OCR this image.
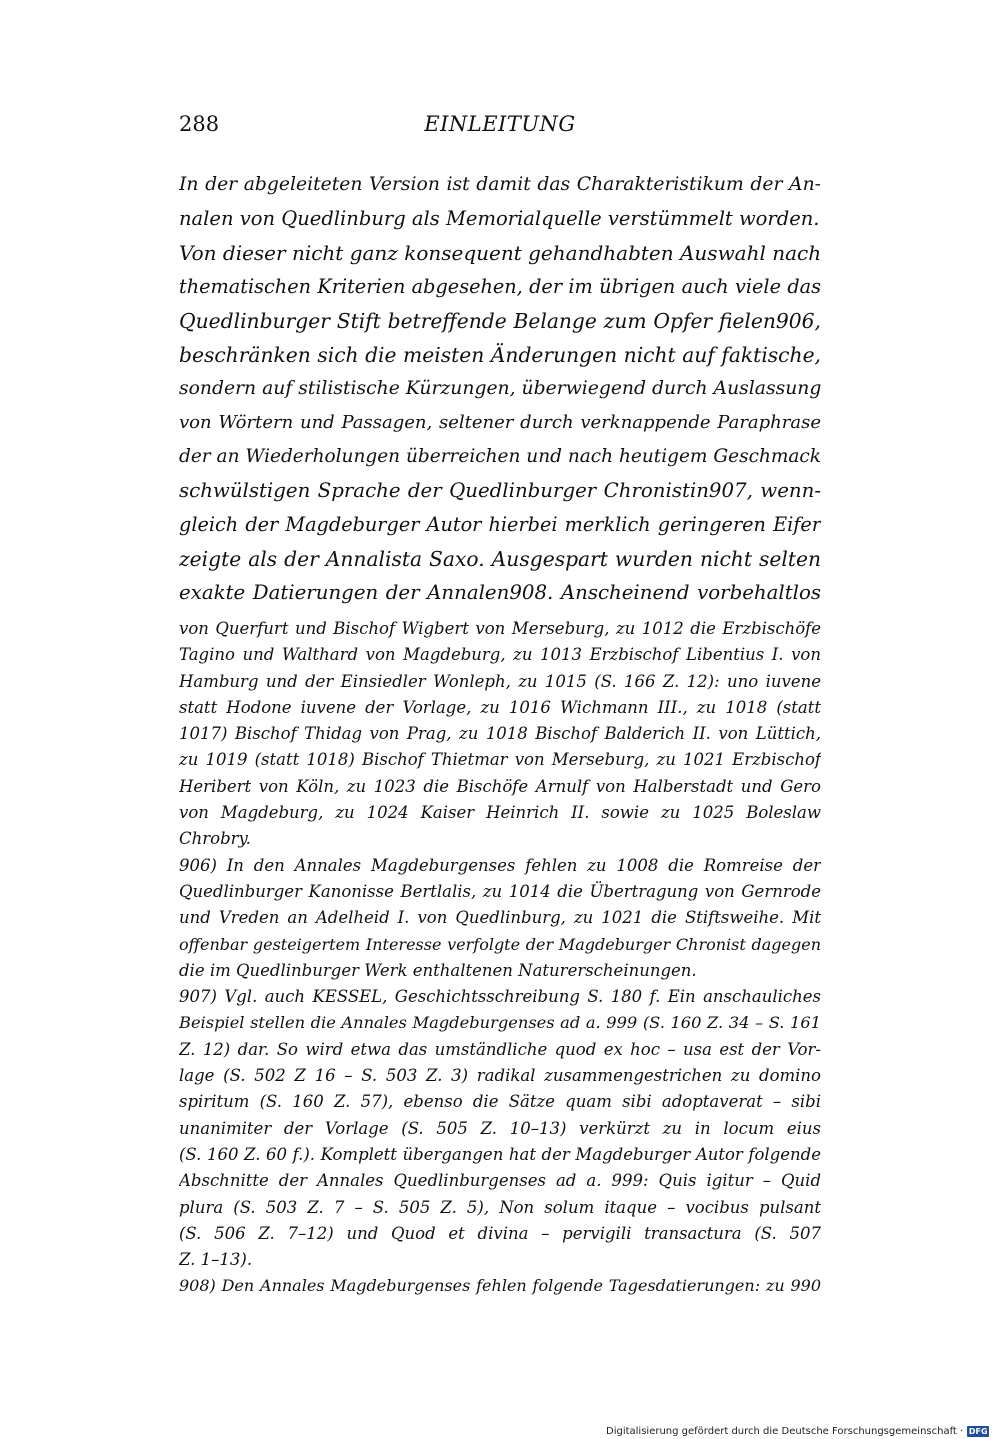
288	EINLEITUNG
In der abgeleiteten Version ist damit das Charakteristikum der An-
nalen von Quedlinburg als Memorialquelle verstümmelt worden.
Von dieser nicht ganz konsequent gehandhabten Auswahl nach
thematischen Kriterien abgesehen, der im übrigen auch viele das
Quedlinburger Stift betreffende Belange zum Opfer fielen906,
beschränken sich die meisten Änderungen nicht auf faktische,
sondern auf stilistische Kürzungen, überwiegend durch Auslassung
von Wörtern und Passagen, seltener durch verknappende Paraphrase
der an Wiederholungen überreichen und nach heutigem Geschmack
schwülstigen Sprache der Quedlinburger Chronistin907, wenn-
gleich der Magdeburger Autor hierbei merklich geringeren Eifer
zeigte als der Annalista Saxo. Ausgespart wurden nicht selten
exakte Datierungen der Annalen908. Anscheinend vorbehaltlos
von Querfurt und Bischof Wigbert von Merseburg, zu 1012 die Erzbischöfe
Tagino und Walthard von Magdeburg, zu 1013 Erzbischof Libentius I. von
Hamburg und der Einsiedler Wonleph, zu 1015 (S. 166 Z. 12): uno iuvene
statt Hodone iuvene der Vorlage, zu 1016 Wichmann III., zu 1018 (statt
1017) Bischof Thidag von Prag, zu 1018 Bischof Balderich II. von Lüttich,
zu 1019 (statt 1018) Bischof Thietmar von Merseburg, zu 1021 Erzbischof
Heribert von Köln, zu 1023 die Bischöfe Arnulf von Halberstadt und Gero
von Magdeburg, zu 1024 Kaiser Heinrich II. sowie zu 1025 Boleslaw
Chrobry.
906) In den Annales Magdeburgenses fehlen zu 1008 die Romreise der
Quedlinburger Kanonisse Bertlalis, zu 1014 die Übertragung von Gernrode
und Vreden an Adelheid I. von Quedlinburg, zu 1021 die Stiftsweihe. Mit
offenbar gesteigertem Interesse verfolgte der Magdeburger Chronist dagegen
die im Quedlinburger Werk enthaltenen Naturerscheinungen.
907) Vgl. auch KESSEL, Geschichtsschreibung S. 180 f. Ein anschauliches
Beispiel stellen die Annales Magdeburgenses ad a. 999 (S. 160 Z. 34 – S. 161
Z. 12) dar. So wird etwa das umständliche quod ex hoc – usa est der Vor-
lage (S. 502 Z 16 – S. 503 Z. 3) radikal zusammengestrichen zu domino
spiritum (S. 160 Z. 57), ebenso die Sätze quam sibi adoptaverat – sibi
unanimiter der Vorlage (S. 505 Z. 10–13) verkürzt zu in locum eius
(S. 160 Z. 60 f.). Komplett übergangen hat der Magdeburger Autor folgende
Abschnitte der Annales Quedlinburgenses ad a. 999: Quis igitur – Quid
plura (S. 503 Z. 7 – S. 505 Z. 5), Non solum itaque – vocibus pulsant
(S. 506 Z. 7–12) und Quod et divina – pervigili transactura (S. 507
Z. 1–13).
908) Den Annales Magdeburgenses fehlen folgende Tagesdatierungen: zu 990
Digitalisierung gefördert durch die Deutsche Forschungsgemeinschaft · DFG
